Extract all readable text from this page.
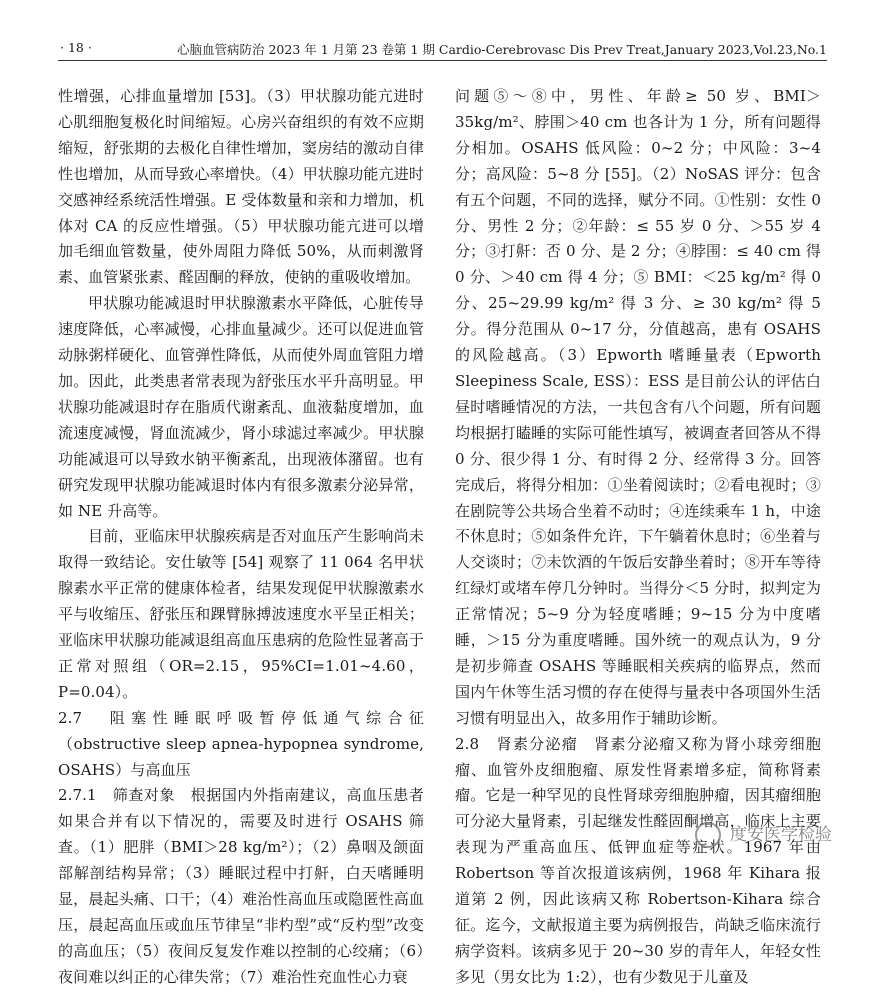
· 18 ·	心脑血管病防治 2023 年 1 月第 23 卷第 1 期 Cardio-Cerebrovasc Dis Prev Treat,January 2023,Vol.23,No.1

性增强，心排血量增加 [53]。（3）甲状腺功能亢进时心肌细胞复极化时间缩短。心房兴奋组织的有效不应期缩短，舒张期的去极化自律性增加，窦房结的激动自律性也增加，从而导致心率增快。（4）甲状腺功能亢进时交感神经系统活性增强。E 受体数量和亲和力增加，机体对 CA 的反应性增强。（5）甲状腺功能亢进可以增加毛细血管数量，使外周阻力降低 50%，从而刺激肾素、血管紧张素、醛固酮的释放，使钠的重吸收增加。

甲状腺功能减退时甲状腺激素水平降低，心脏传导速度降低，心率减慢，心排血量减少。还可以促进血管动脉粥样硬化、血管弹性降低，从而使外周血管阻力增加。因此，此类患者常表现为舒张压水平升高明显。甲状腺功能减退时存在脂质代谢紊乱、血液黏度增加，血流速度减慢，肾血流减少，肾小球滤过率减少。甲状腺功能减退可以导致水钠平衡紊乱，出现液体潴留。也有研究发现甲状腺功能减退时体内有很多激素分泌异常，如 NE 升高等。

目前，亚临床甲状腺疾病是否对血压产生影响尚未取得一致结论。安仕敏等 [54] 观察了 11 064 名甲状腺素水平正常的健康体检者，结果发现促甲状腺激素水平与收缩压、舒张压和踝臂脉搏波速度水平呈正相关；亚临床甲状腺功能减退组高血压患病的危险性显著高于正常对照组（OR=2.15，95%CI=1.01~4.60，P=0.04）。

2.7　阻塞性睡眠呼吸暂停低通气综合征（obstructive sleep apnea-hypopnea syndrome, OSAHS）与高血压

2.7.1　筛查对象　根据国内外指南建议，高血压患者如果合并有以下情况的，需要及时进行 OSAHS 筛查。（1）肥胖（BMI＞28 kg/m²）；（2）鼻咽及颌面部解剖结构异常；（3）睡眠过程中打鼾，白天嗜睡明显，晨起头痛、口干；（4）难治性高血压或隐匿性高血压，晨起高血压或血压节律呈“非杓型”或“反杓型”改变的高血压；（5）夜间反复发作难以控制的心绞痛；（6）夜间难以纠正的心律失常；（7）难治性充血性心力衰

问题⑤～⑧中，男性、年龄≥ 50 岁、BMI＞35kg/m²、脖围＞40 cm 也各计为 1 分，所有问题得分相加。OSAHS 低风险：0~2 分；中风险：3~4 分；高风险：5~8 分 [55]。（2）NoSAS 评分：包含有五个问题，不同的选择，赋分不同。①性别：女性 0 分、男性 2 分；②年龄：≤ 55 岁 0 分、＞55 岁 4 分；③打鼾：否 0 分、是 2 分；④脖围：≤ 40 cm 得 0 分、＞40 cm 得 4 分；⑤ BMI：＜25 kg/m² 得 0 分、25~29.99 kg/m² 得 3 分、≥ 30 kg/m² 得 5 分。得分范围从 0~17 分，分值越高，患有 OSAHS 的风险越高。（3）Epworth 嗜睡量表（Epworth Sleepiness Scale, ESS）：ESS 是目前公认的评估白昼时嗜睡情况的方法，一共包含有八个问题，所有问题均根据打瞌睡的实际可能性填写，被调查者回答从不得 0 分、很少得 1 分、有时得 2 分、经常得 3 分。回答完成后，将得分相加：①坐着阅读时；②看电视时；③在剧院等公共场合坐着不动时；④连续乘车 1 h，中途不休息时；⑤如条件允许，下午躺着休息时；⑥坐着与人交谈时；⑦未饮酒的午饭后安静坐着时；⑧开车等待红绿灯或堵车停几分钟时。当得分＜5 分时，拟判定为正常情况；5~9 分为轻度嗜睡；9~15 分为中度嗜睡，＞15 分为重度嗜睡。国外统一的观点认为，9 分是初步筛查 OSAHS 等睡眠相关疾病的临界点，然而国内午休等生活习惯的存在使得与量表中各项国外生活习惯有明显出入，故多用作于辅助诊断。

2.8　肾素分泌瘤　肾素分泌瘤又称为肾小球旁细胞瘤、血管外皮细胞瘤、原发性肾素增多症，简称肾素瘤。它是一种罕见的良性肾球旁细胞肿瘤，因其瘤细胞可分泌大量肾素，引起继发性醛固酮增高，临床上主要表现为严重高血压、低钾血症等症状。1967 年由 Robertson 等首次报道该病例，1968 年 Kihara 报道第 2 例，因此该病又称 Robertson-Kihara 综合征。迄今，文献报道主要为病例报告，尚缺乏临床流行病学资料。该病多见于 20~30 岁的青年人，年轻女性多见（男女比为 1:2），也有少数见于儿童及

度安医学检验
